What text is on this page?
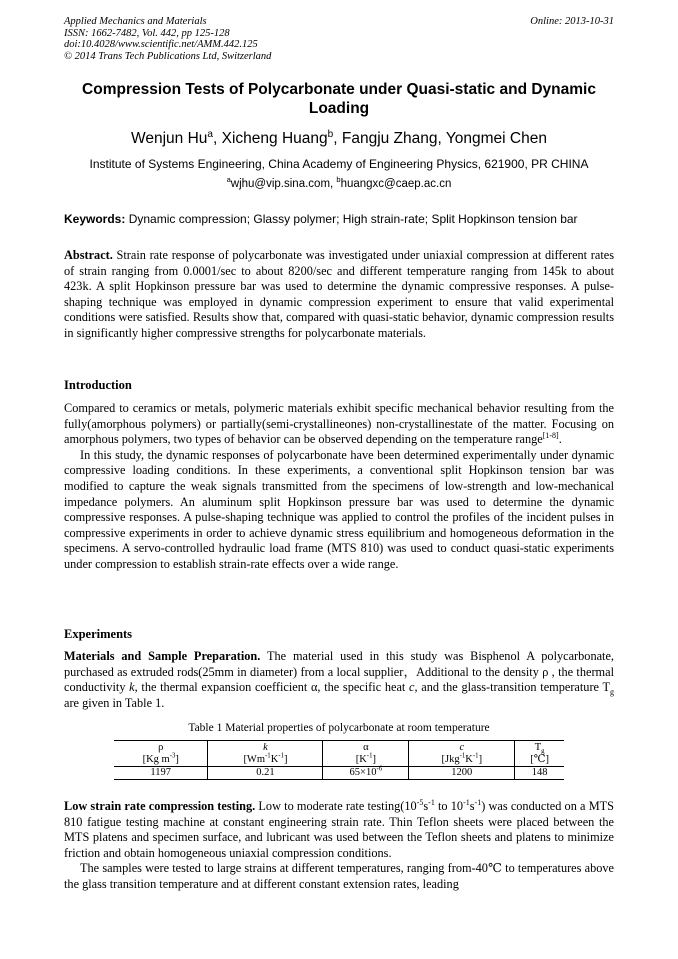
Applied Mechanics and Materials
ISSN: 1662-7482, Vol. 442, pp 125-128
doi:10.4028/www.scientific.net/AMM.442.125
© 2014 Trans Tech Publications Ltd, Switzerland
Online: 2013-10-31
Compression Tests of Polycarbonate under Quasi-static and Dynamic Loading
Wenjun Hu$^a$, Xicheng Huang$^b$, Fangju Zhang, Yongmei Chen
Institute of Systems Engineering, China Academy of Engineering Physics, 621900, PR CHINA
$^a$wjhu@vip.sina.com, $^b$huangxc@caep.ac.cn
Keywords: Dynamic compression; Glassy polymer; High strain-rate; Split Hopkinson tension bar
Abstract. Strain rate response of polycarbonate was investigated under uniaxial compression at different rates of strain ranging from 0.0001/sec to about 8200/sec and different temperature ranging from 145k to about 423k. A split Hopkinson pressure bar was used to determine the dynamic compressive responses. A pulse-shaping technique was employed in dynamic compression experiment to ensure that valid experimental conditions were satisfied. Results show that, compared with quasi-static behavior, dynamic compression results in significantly higher compressive strengths for polycarbonate materials.
Introduction

Compared to ceramics or metals, polymeric materials exhibit specific mechanical behavior resulting from the fully(amorphous polymers) or partially(semi-crystallineones) non-crystallinestate of the matter. Focusing on amorphous polymers, two types of behavior can be observed depending on the temperature range[1-8].

In this study, the dynamic responses of polycarbonate have been determined experimentally under dynamic compressive loading conditions. In these experiments, a conventional split Hopkinson tension bar was modified to capture the weak signals transmitted from the specimens of low-strength and low-mechanical impedance polymers. An aluminum split Hopkinson pressure bar was used to determine the dynamic compressive responses. A pulse-shaping technique was applied to control the profiles of the incident pulses in compressive experiments in order to achieve dynamic stress equilibrium and homogeneous deformation in the specimens. A servo-controlled hydraulic load frame (MTS 810) was used to conduct quasi-static experiments under compression to establish strain-rate effects over a wide range.

Experiments

Materials and Sample Preparation. The material used in this study was Bisphenol A polycarbonate, purchased as extruded rods(25mm in diameter) from a local supplier，Additional to the density ρ , the thermal conductivity k, the thermal expansion coefficient α, the specific heat c, and the glass-transition temperature $T_g$ are given in Table 1.

Table 1 Material properties of polycarbonate at room temperature
ρ	k	α	c	$T_g$
[Kg $m^{-3}$]	$[Wm^{-1}K^{-1}]$	$[K^{-1}]$	$[Jkg^{-1}K^{-1}]$	[℃]
1197	0.21	$65\times 10^{-6}$	1200	148

Low strain rate compression testing. Low to moderate rate $testing(10^{-5}s^{-1}$ to $10^{-1}s^{-1}$) was conducted on a MTS 810 fatigue testing machine at constant engineering strain rate. Thin Teflon sheets were placed between the MTS platens and specimen surface, and lubricant was used between the Teflon sheets and platens to minimize friction and obtain homogeneous uniaxial compression conditions.

The samples were tested to large strains at different temperatures, ranging from-40℃ to temperatures above the glass transition temperature and at different constant extension rates, leading
